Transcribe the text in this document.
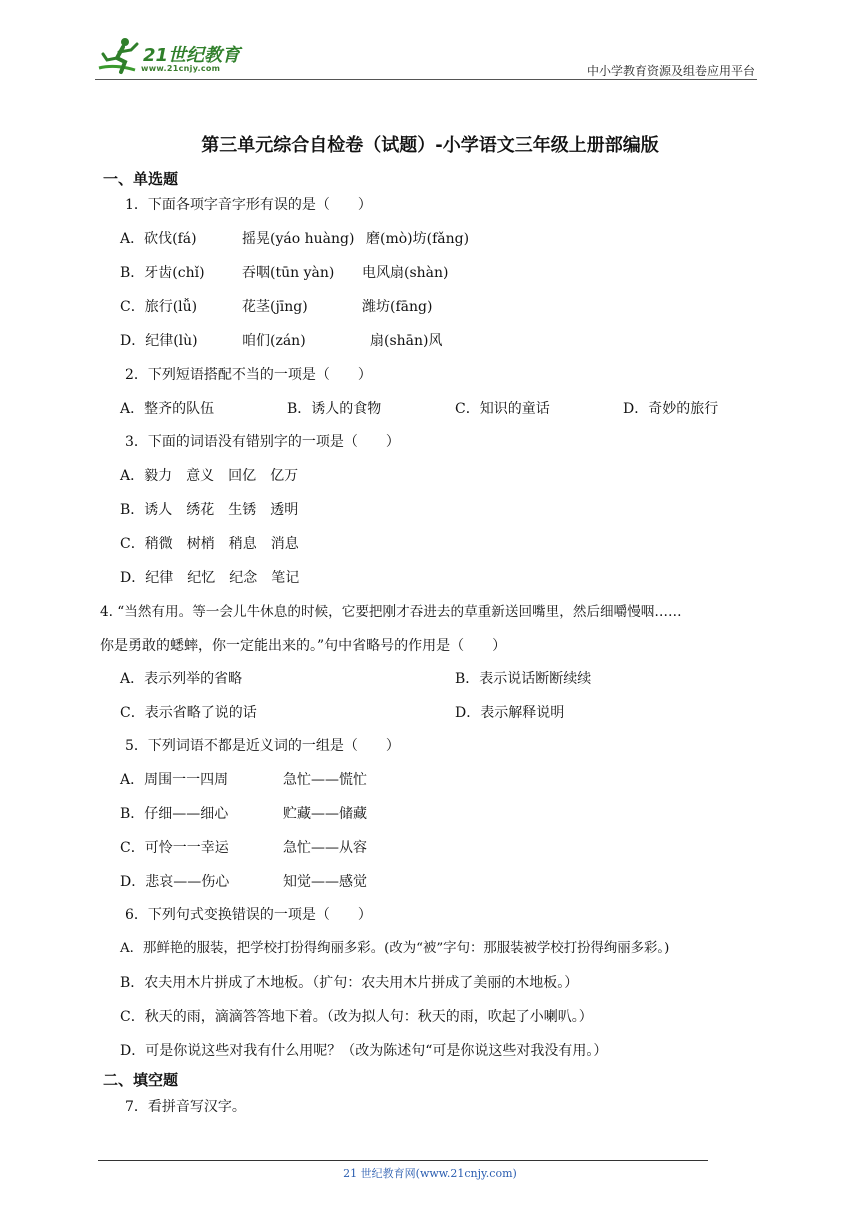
21世纪教育
www.21cnjy.com	中小学教育资源及组卷应用平台
第三单元综合自检卷（试题）-小学语文三年级上册部编版
一、单选题
1．下面各项字音字形有误的是（　　）
A．砍伐(fá)	摇晃(yáo huàng) 磨(mò)坊(fǎng)
B．牙齿(chǐ)	吞咽(tūn yàn) 电风扇(shàn)
C．旅行(lǚ)	花茎(jīng)	潍坊(fāng)
D．纪律(lù)	咱们(zán)	扇(shān)风
2．下列短语搭配不当的一项是（　　）
A．整齐的队伍	B．诱人的食物	C．知识的童话	D．奇妙的旅行
3．下面的词语没有错别字的一项是（　　）
A．毅力　意义　回亿　亿万
B．诱人　绣花　生锈　透明
C．稍微　树梢　稍息　消息
D．纪律　纪忆　纪念　笔记
4. “当然有用。等一会儿牛休息的时候，它要把刚才吞进去的草重新送回嘴里，然后细嚼慢咽……
你是勇敢的蟋蟀，你一定能出来的。”句中省略号的作用是（　　）
A．表示列举的省略	B．表示说话断断续续
C．表示省略了说的话	D．表示解释说明
5．下列词语不都是近义词的一组是（　　）
A．周围一一四周	急忙——慌忙
B．仔细——细心	贮藏——储藏
C．可怜一一幸运	急忙——从容
D．悲哀——伤心	知觉——感觉
6．下列句式变换错误的一项是（　　）
A．那鲜艳的服装，把学校打扮得绚丽多彩。(改为“被”字句：那服装被学校打扮得绚丽多彩。)
B．农夫用木片拼成了木地板。（扩句：农夫用木片拼成了美丽的木地板。）
C．秋天的雨，滴滴答答地下着。（改为拟人句：秋天的雨，吹起了小喇叭。）
D．可是你说这些对我有什么用呢？（改为陈述句“可是你说这些对我没有用。）
二、填空题
7．看拼音写汉字。
21 世纪教育网(www.21cnjy.com)
